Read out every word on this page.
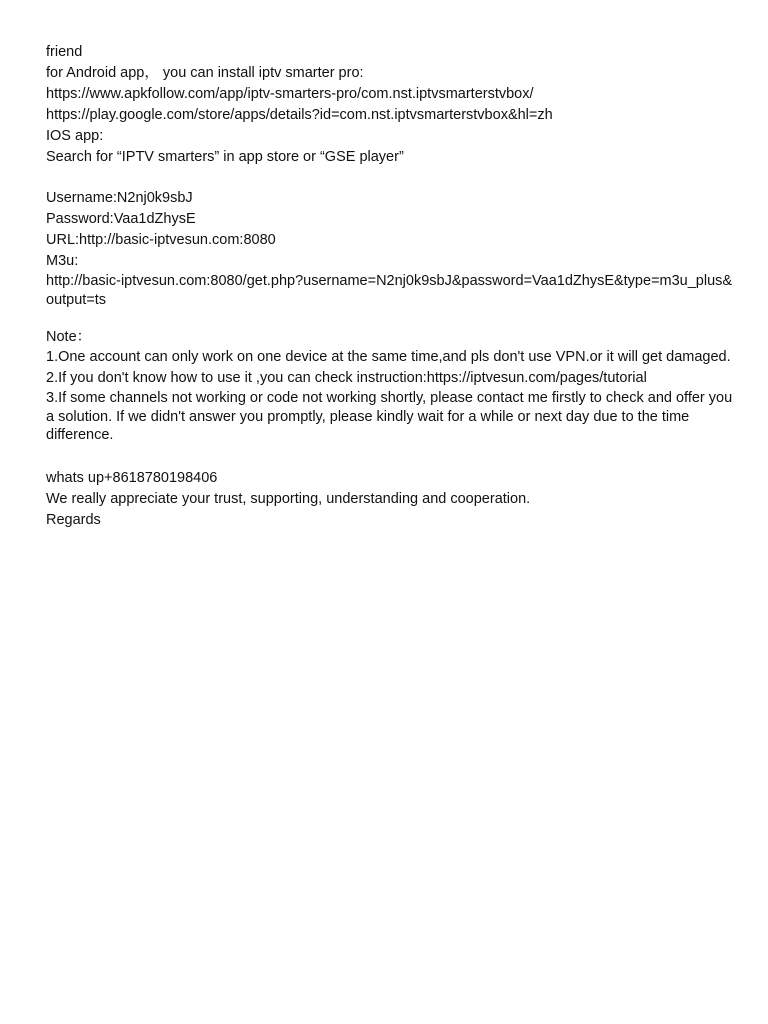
friend
for Android app， you can install iptv smarter pro:
https://www.apkfollow.com/app/iptv-smarters-pro/com.nst.iptvsmarterstvbox/
https://play.google.com/store/apps/details?id=com.nst.iptvsmarterstvbox&hl=zh
IOS app:
Search for “IPTV smarters” in app store or “GSE player”
Username:N2nj0k9sbJ
Password:Vaa1dZhysE
URL:http://basic-iptvesun.com:8080
M3u:
http://basic-iptvesun.com:8080/get.php?username=N2nj0k9sbJ&password=Vaa1dZhysE&type=m3u_plus&output=ts
Note：
1.One account can only work on one device at the same time,and pls don't use VPN.or it will get damaged.
2.If you don't know how to use it ,you can check instruction:https://iptvesun.com/pages/tutorial
3.If some channels not working or code not working shortly, please contact me firstly to check and offer you a solution. If we didn't answer you promptly, please kindly wait for a while or next day due to the time difference.
whats up+8618780198406
We really appreciate your trust, supporting, understanding and cooperation.
Regards
